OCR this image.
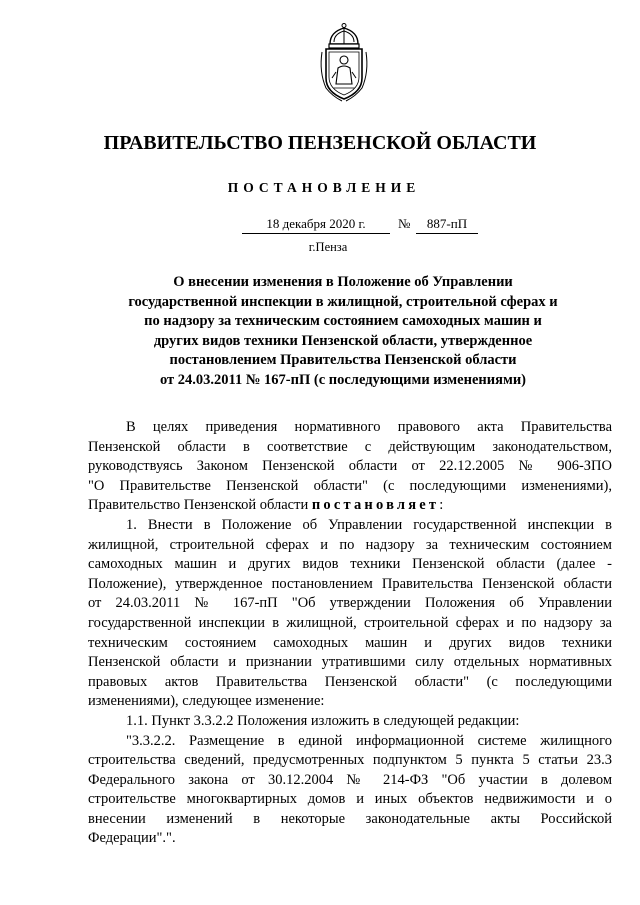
ПРАВИТЕЛЬСТВО ПЕНЗЕНСКОЙ ОБЛАСТИ
ПОСТАНОВЛЕНИЕ
18 декабря 2020 г.	№	887-пП
г.Пенза
О внесении изменения в Положение об Управлении
государственной инспекции в жилищной, строительной сферах и
по надзору за техническим состоянием самоходных машин и
других видов техники Пензенской области, утвержденное
постановлением Правительства Пензенской области
от 24.03.2011 № 167-пП (с последующими изменениями)
В целях приведения нормативного правового акта Правительства
Пензенской области в соответствие с действующим законодательством,
руководствуясь Законом Пензенской области от 22.12.2005 № 906-ЗПО
"О Правительстве Пензенской области" (с последующими изменениями),
Правительство Пензенской области постановляет:
1. Внести в Положение об Управлении государственной инспекции в
жилищной, строительной сферах и по надзору за техническим состоянием
самоходных машин и других видов техники Пензенской области (далее -
Положение), утвержденное постановлением Правительства Пензенской области
от 24.03.2011 № 167-пП "Об утверждении Положения об Управлении
государственной инспекции в жилищной, строительной сферах и по надзору за
техническим состоянием самоходных машин и других видов техники
Пензенской области и признании утратившими силу отдельных нормативных
правовых актов Правительства Пензенской области" (с последующими
изменениями), следующее изменение:
1.1. Пункт 3.3.2.2 Положения изложить в следующей редакции:
"3.3.2.2. Размещение в единой информационной системе жилищного
строительства сведений, предусмотренных подпунктом 5 пункта 5 статьи 23.3
Федерального закона от 30.12.2004 № 214-ФЗ "Об участии в долевом
строительстве многоквартирных домов и иных объектов недвижимости и о
внесении изменений в некоторые законодательные акты Российской
Федерации".".
